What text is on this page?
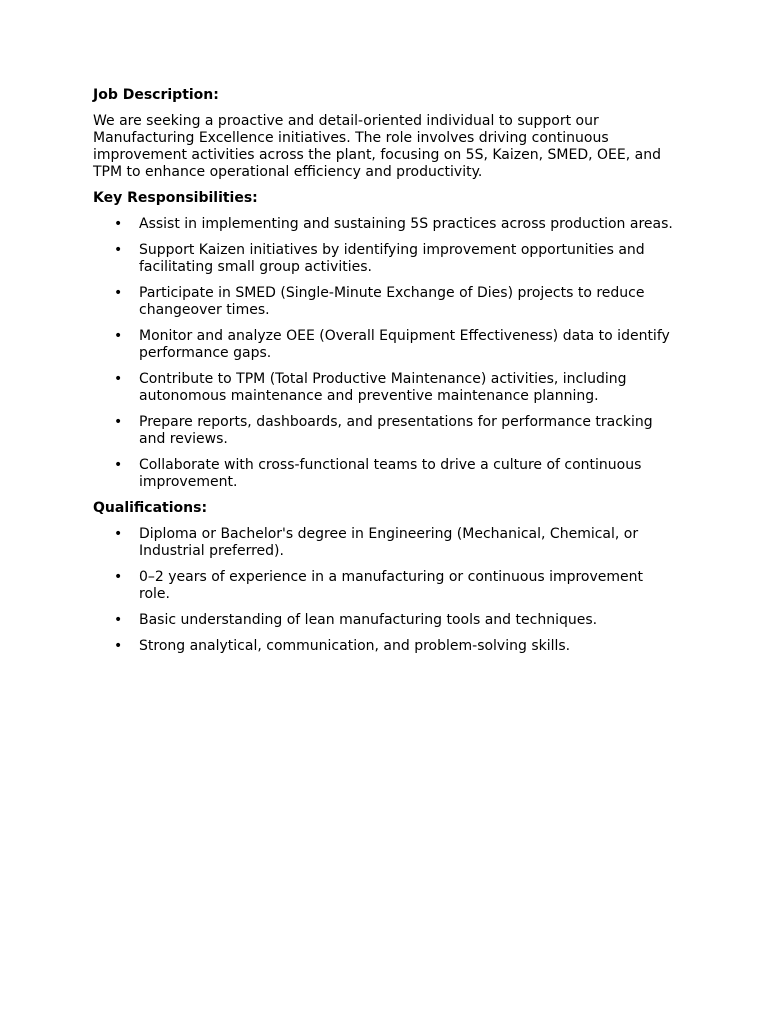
Job Description:
We are seeking a proactive and detail-oriented individual to support our Manufacturing Excellence initiatives. The role involves driving continuous improvement activities across the plant, focusing on 5S, Kaizen, SMED, OEE, and TPM to enhance operational efficiency and productivity.
Key Responsibilities:
• Assist in implementing and sustaining 5S practices across production areas.
• Support Kaizen initiatives by identifying improvement opportunities and facilitating small group activities.
• Participate in SMED (Single-Minute Exchange of Dies) projects to reduce changeover times.
• Monitor and analyze OEE (Overall Equipment Effectiveness) data to identify performance gaps.
• Contribute to TPM (Total Productive Maintenance) activities, including autonomous maintenance and preventive maintenance planning.
• Prepare reports, dashboards, and presentations for performance tracking and reviews.
• Collaborate with cross-functional teams to drive a culture of continuous improvement.
Qualifications:
• Diploma or Bachelor's degree in Engineering (Mechanical, Chemical, or Industrial preferred).
• 0–2 years of experience in a manufacturing or continuous improvement role.
• Basic understanding of lean manufacturing tools and techniques.
• Strong analytical, communication, and problem-solving skills.
